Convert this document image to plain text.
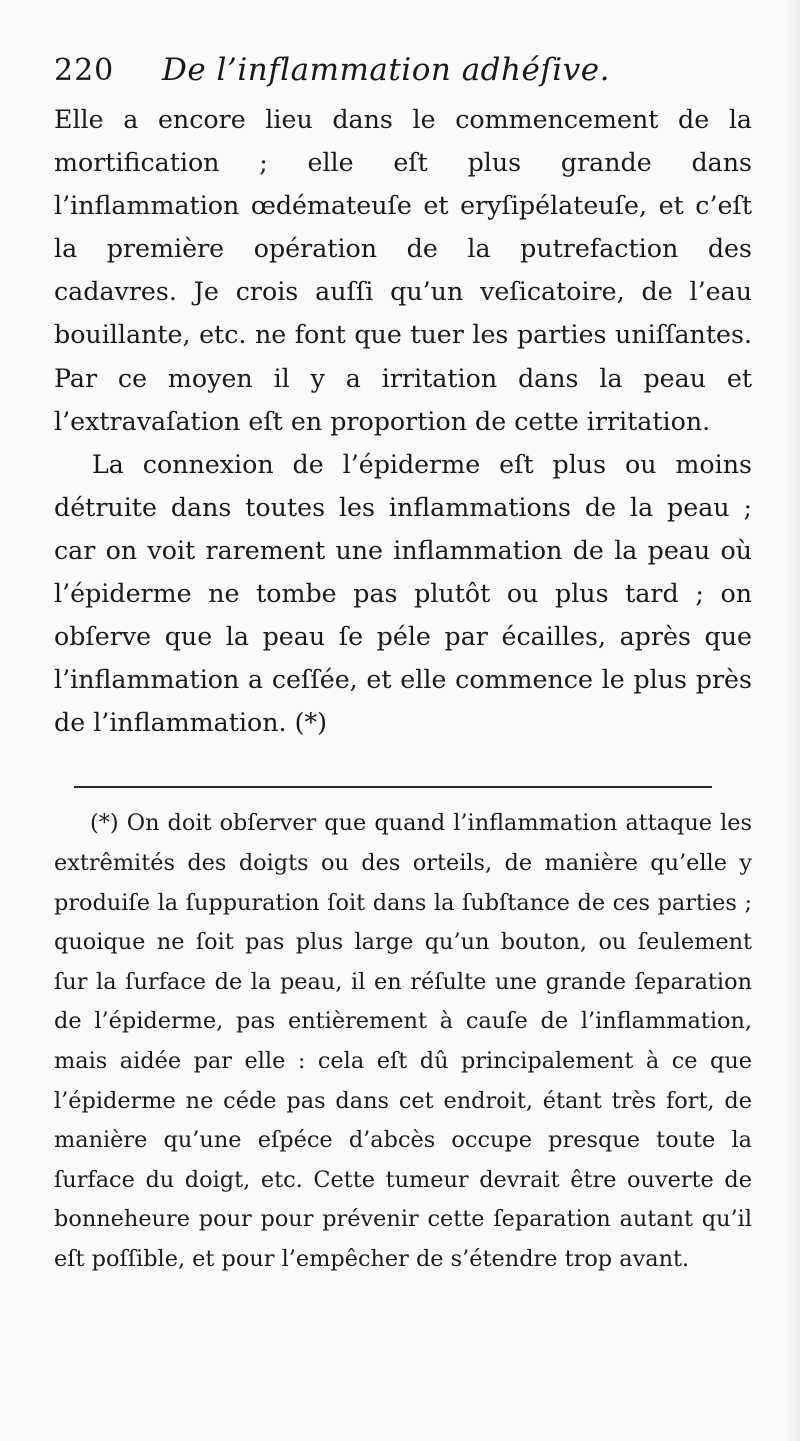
220	De l’inflammation adhéſive.

Elle a encore lieu dans le commencement de la mortification ; elle eſt plus grande dans l’inflammation œdémateuſe et eryſipélateuſe, et c’eſt la première opération de la putrefaction des cadavres. Je crois auſſi qu’un veſicatoire, de l’eau bouillante, etc. ne font que tuer les parties uniſſantes. Par ce moyen il y a irritation dans la peau et l’extravaſation eſt en proportion de cette irritation.

La connexion de l’épiderme eſt plus ou moins détruite dans toutes les inflammations de la peau ; car on voit rarement une inflammation de la peau où l’épiderme ne tombe pas plutôt ou plus tard ; on obſerve que la peau ſe péle par écailles, après que l’inflammation a ceſſée, et elle commence le plus près de l’inflammation. (*)

(*) On doit obſerver que quand l’inflammation attaque les extrêmités des doigts ou des orteils, de manière qu’elle y produiſe la ſuppuration ſoit dans la ſubſtance de ces parties ; quoique ne ſoit pas plus large qu’un bouton, ou ſeulement ſur la ſurface de la peau, il en réſulte une grande ſeparation de l’épiderme, pas entièrement à cauſe de l’inflammation, mais aidée par elle : cela eſt dû principalement à ce que l’épiderme ne céde pas dans cet endroit, étant très fort, de manière qu’une eſpéce d’abcès occupe presque toute la ſurface du doigt, etc. Cette tumeur devrait être ouverte de bonneheure pour pour prévenir cette ſeparation autant qu’il eſt poſſible, et pour l’empêcher de s’étendre trop avant.
